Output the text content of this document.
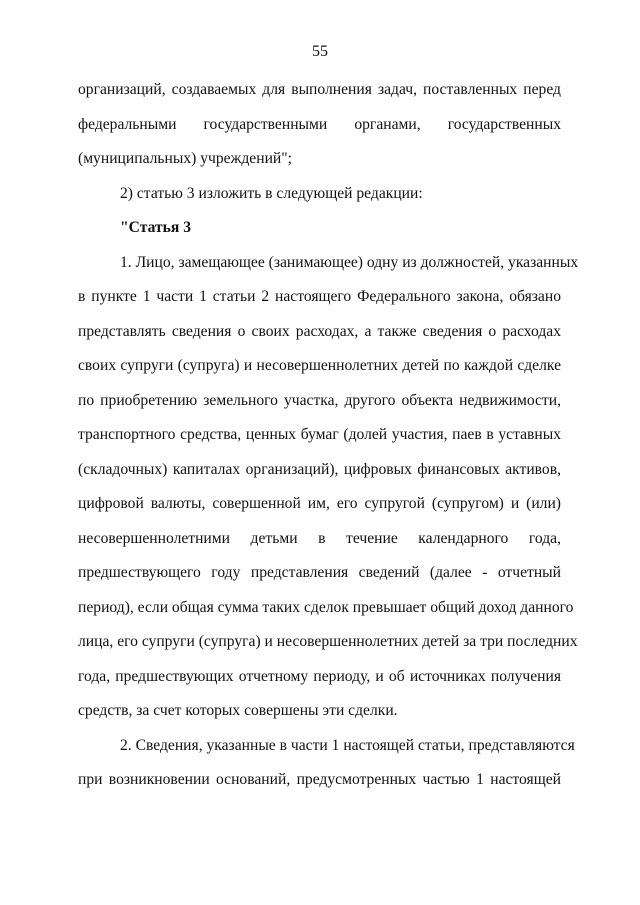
55
организаций, создаваемых для выполнения задач, поставленных перед
федеральными государственными органами, государственных
(муниципальных) учреждений";
2) статью 3 изложить в следующей редакции:
"Статья 3
1. Лицо, замещающее (занимающее) одну из должностей, указанных
в пункте 1 части 1 статьи 2 настоящего Федерального закона, обязано
представлять сведения о своих расходах, а также сведения о расходах
своих супруги (супруга) и несовершеннолетних детей по каждой сделке
по приобретению земельного участка, другого объекта недвижимости,
транспортного средства, ценных бумаг (долей участия, паев в уставных
(складочных) капиталах организаций), цифровых финансовых активов,
цифровой валюты, совершенной им, его супругой (супругом) и (или)
несовершеннолетними детьми в течение календарного года,
предшествующего году представления сведений (далее - отчетный
период), если общая сумма таких сделок превышает общий доход данного
лица, его супруги (супруга) и несовершеннолетних детей за три последних
года, предшествующих отчетному периоду, и об источниках получения
средств, за счет которых совершены эти сделки.
2. Сведения, указанные в части 1 настоящей статьи, представляются
при возникновении оснований, предусмотренных частью 1 настоящей
